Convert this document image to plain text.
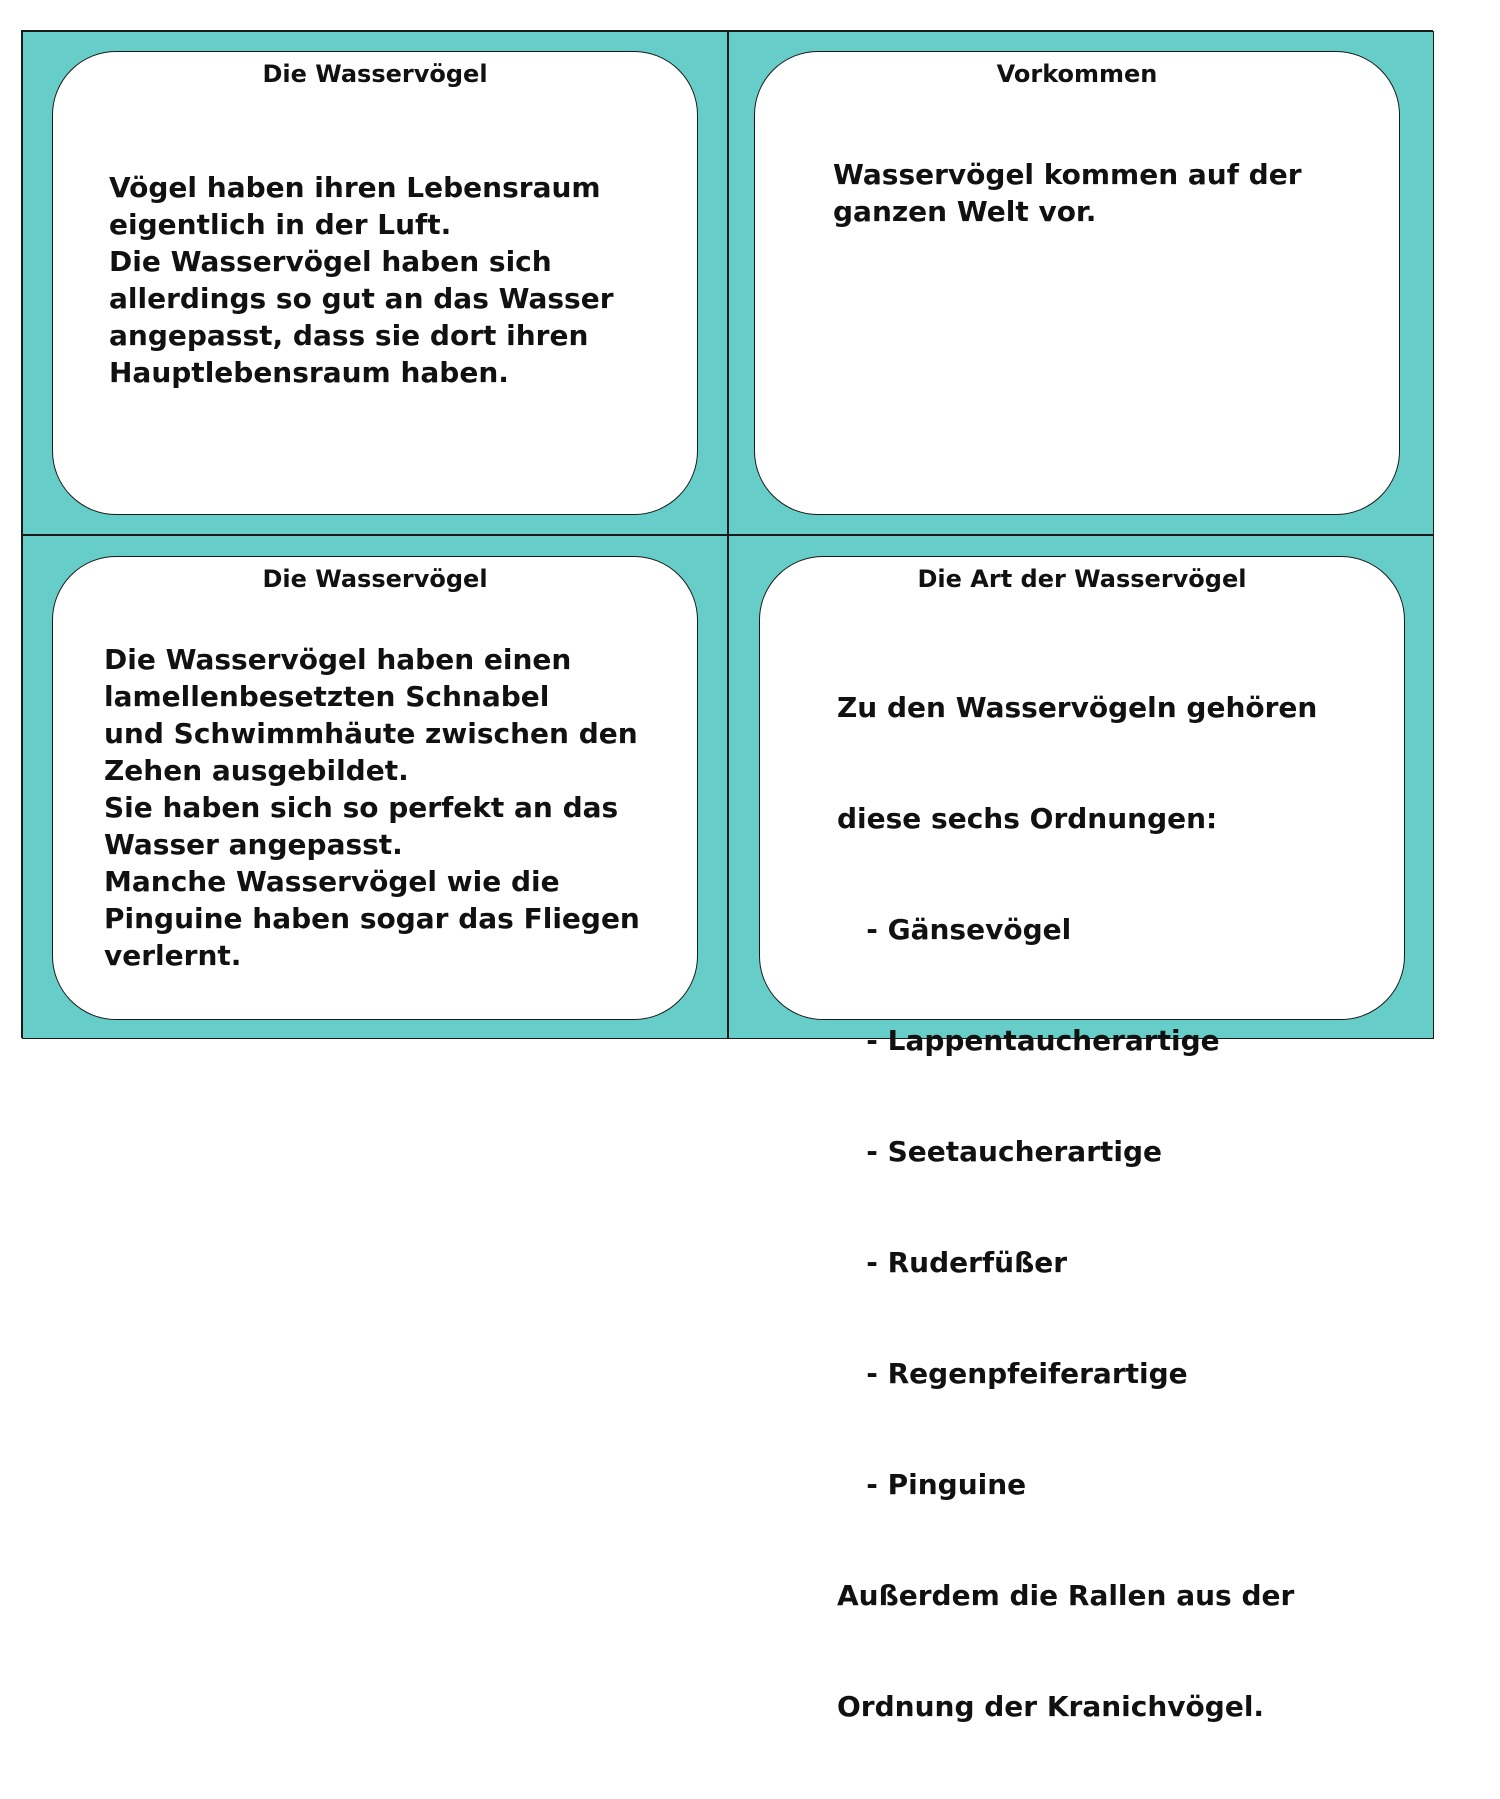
Die Wasservögel

Vögel haben ihren Lebensraum
eigentlich in der Luft.
Die Wasservögel haben sich
allerdings so gut an das Wasser
angepasst, dass sie dort ihren
Hauptlebensraum haben.

Vorkommen

Wasservögel kommen auf der
ganzen Welt vor.

Die Wasservögel

Die Wasservögel haben einen
lamellenbesetzten Schnabel
und Schwimmhäute zwischen den
Zehen ausgebildet.
Sie haben sich so perfekt an das
Wasser angepasst.
Manche Wasservögel wie die
Pinguine haben sogar das Fliegen
verlernt.

Die Art der Wasservögel

Zu den Wasservögeln gehören

diese sechs Ordnungen:

- Gänsevögel

- Lappentaucherartige

- Seetaucherartige

- Ruderfüßer

- Regenpfeiferartige

- Pinguine

Außerdem die Rallen aus der

Ordnung der Kranichvögel.
